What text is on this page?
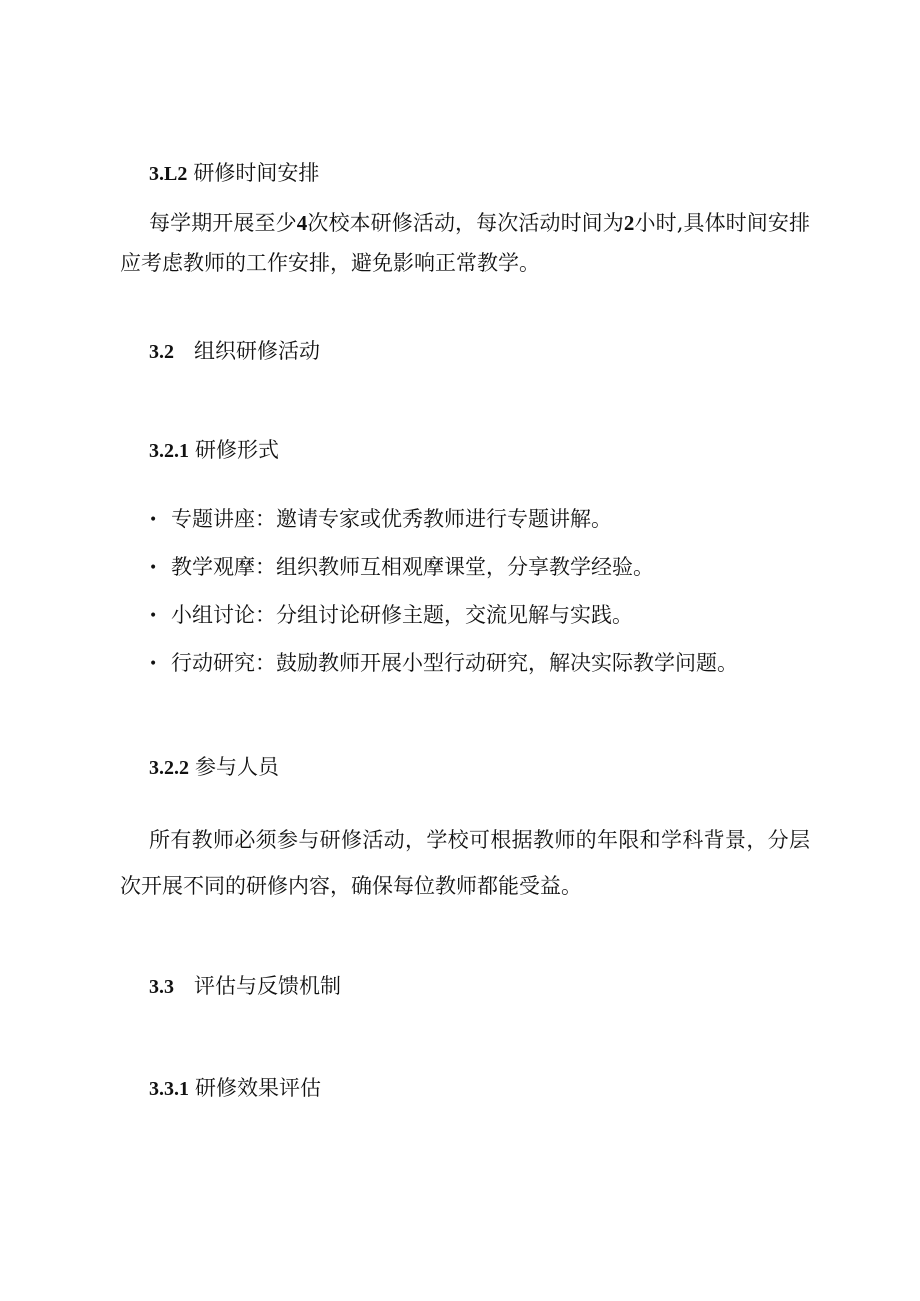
3.L2 研修时间安排
每学期开展至少4次校本研修活动，每次活动时间为2小时,具体时间安排应考虑教师的工作安排，避免影响正常教学。
3.2 组织研修活动
3.2.1 研修形式
• 专题讲座：邀请专家或优秀教师进行专题讲解。
• 教学观摩：组织教师互相观摩课堂，分享教学经验。
• 小组讨论：分组讨论研修主题，交流见解与实践。
• 行动研究：鼓励教师开展小型行动研究，解决实际教学问题。
3.2.2 参与人员
所有教师必须参与研修活动，学校可根据教师的年限和学科背景，分层次开展不同的研修内容，确保每位教师都能受益。
3.3 评估与反馈机制
3.3.1 研修效果评估
